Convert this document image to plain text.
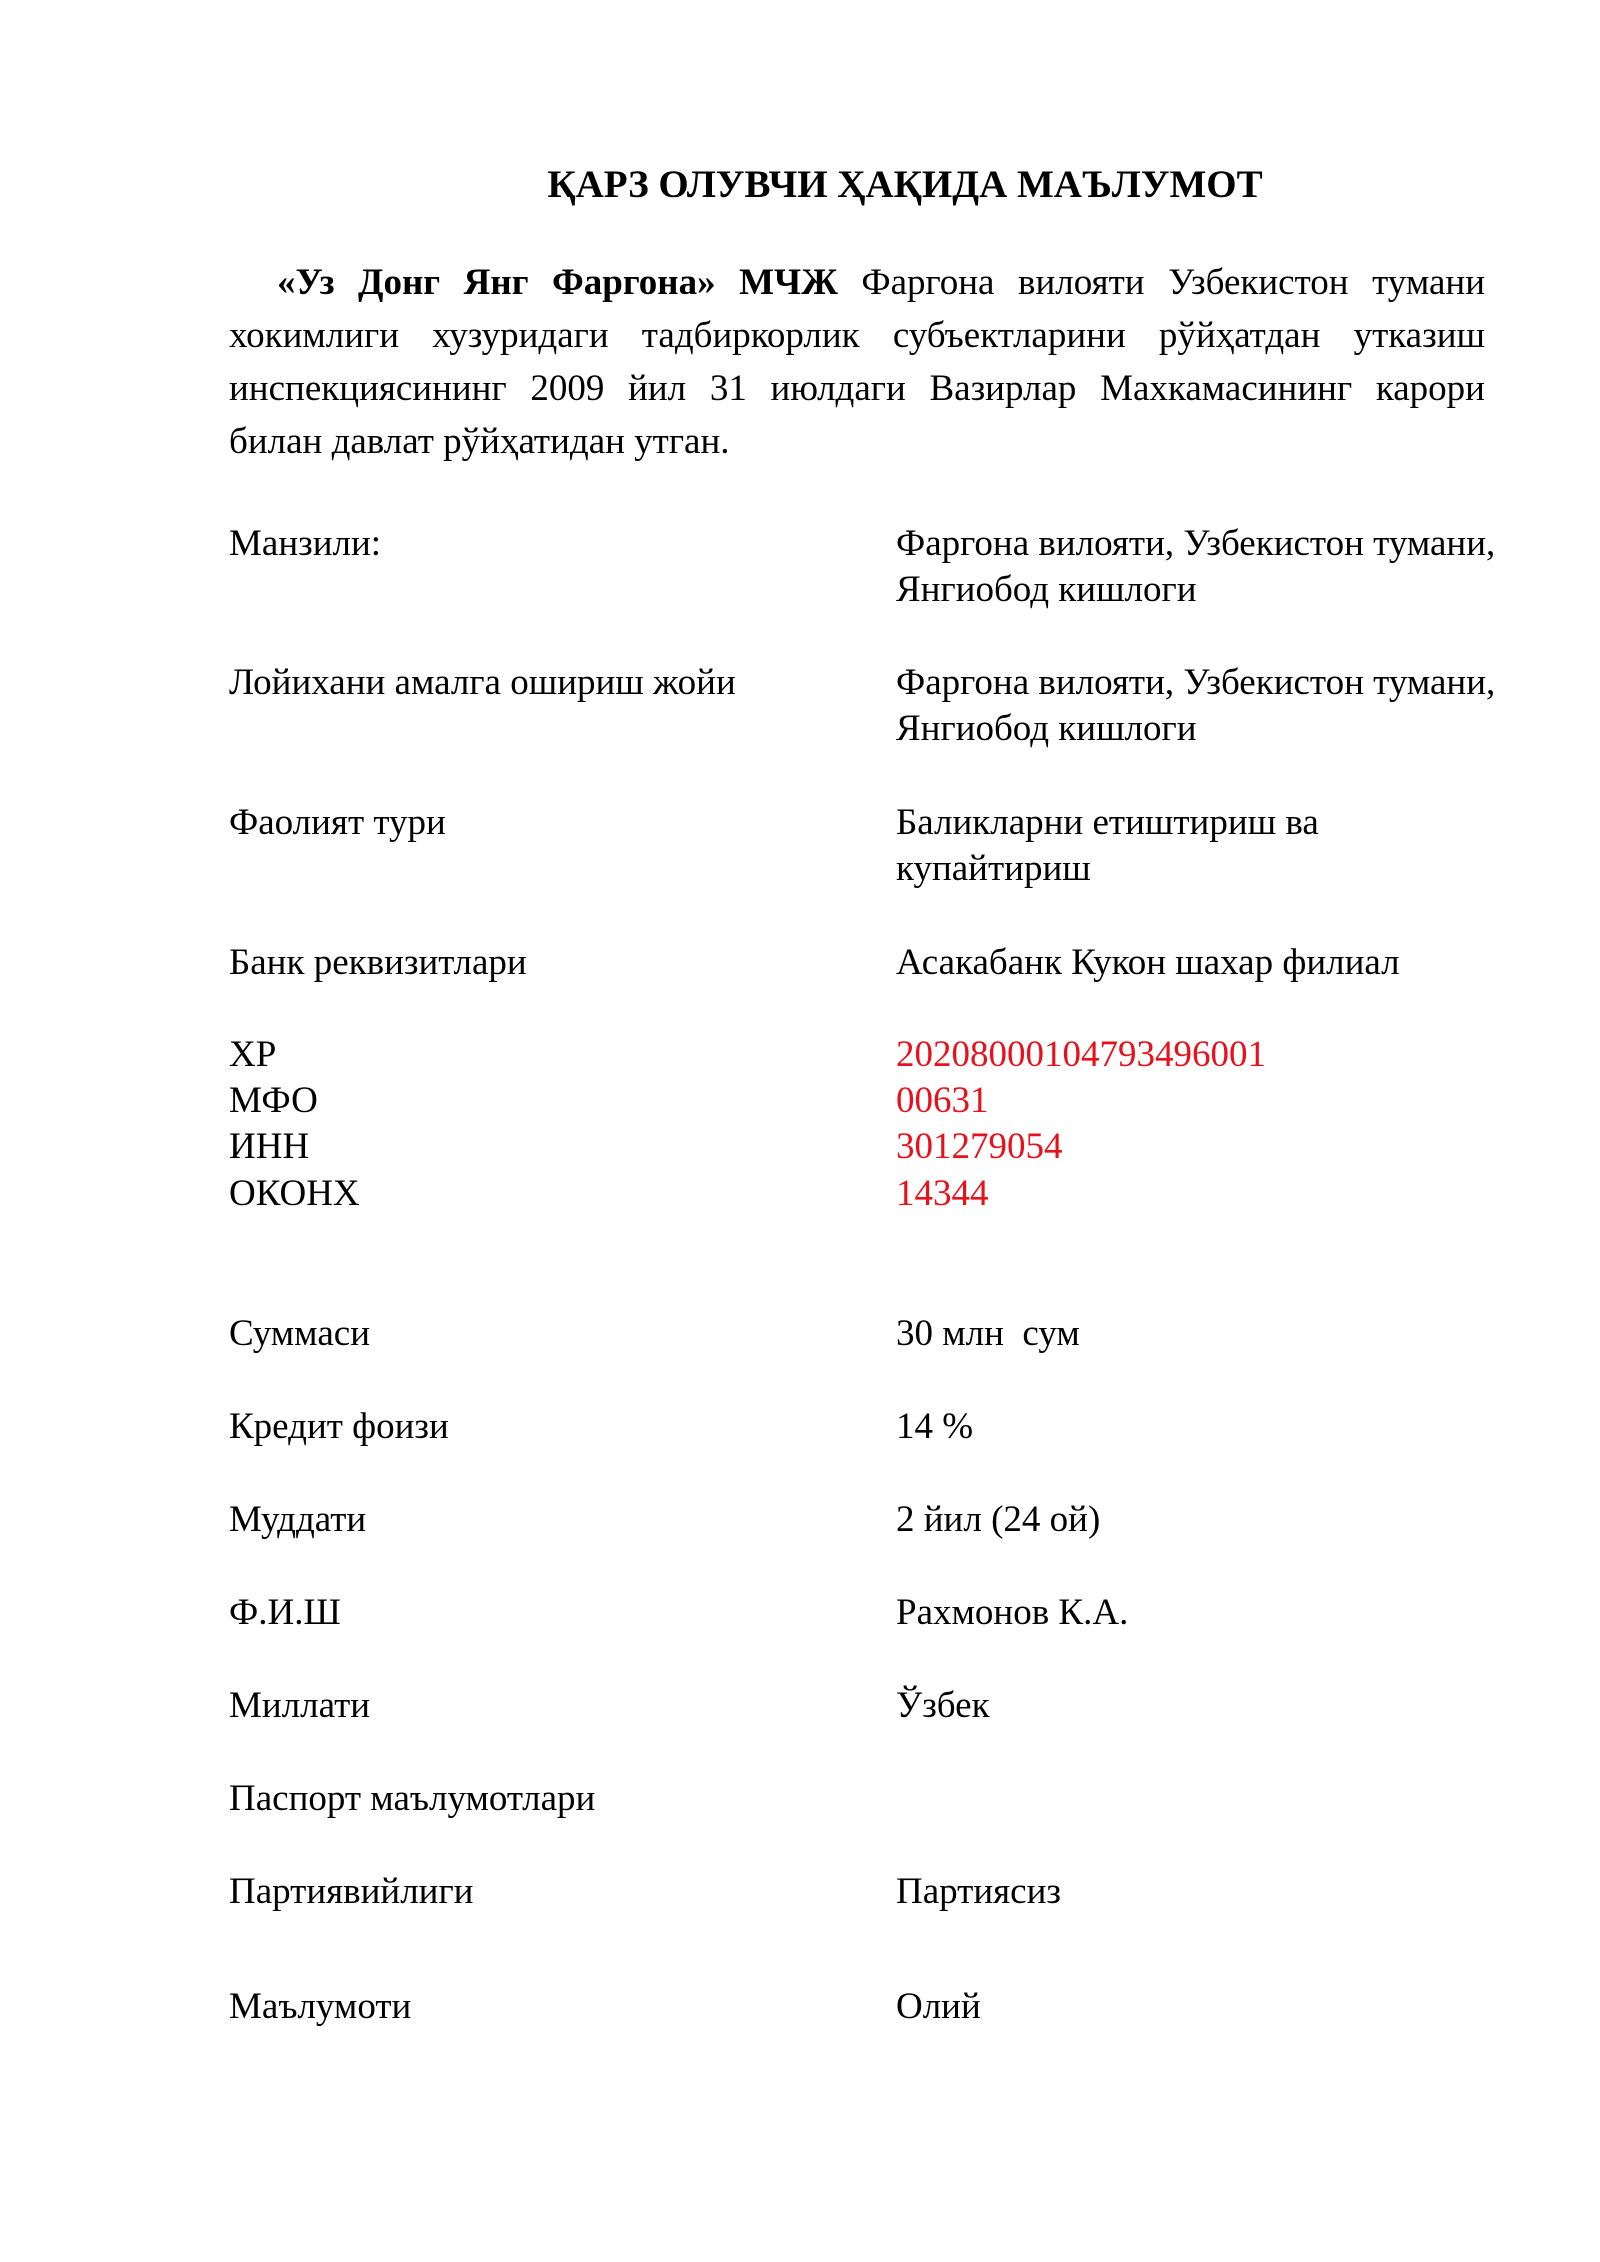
ҚАРЗ ОЛУВЧИ ҲАҚИДА МАЪЛУМОТ

«Уз Донг Янг Фаргона» МЧЖ Фаргона вилояти Узбекистон тумани хокимлиги хузуридаги тадбиркорлик субъектларини рўйҳатдан утказиш инспекциясининг 2009 йил 31 июлдаги Вазирлар Махкамасининг карори билан давлат рўйҳатидан утган.

Манзили:	Фаргона вилояти, Узбекистон тумани, Янгиобод кишлоги
Лойихани амалга ошириш жойи	Фаргона вилояти, Узбекистон тумани, Янгиобод кишлоги
Фаолият тури	Баликларни етиштириш ва купайтириш
Банк реквизитлари	Асакабанк Кукон шахар филиал
ХР	20208000104793496001
МФО	00631
ИНН	301279054
ОКОНХ	14344
Суммаси	30 млн  сум
Кредит фоизи	14 %
Муддати	2 йил (24 ой)
Ф.И.Ш	Рахмонов К.А.
Миллати	Ўзбек
Паспорт маълумотлари
Партиявийлиги	Партиясиз
Маълумоти	Олий
